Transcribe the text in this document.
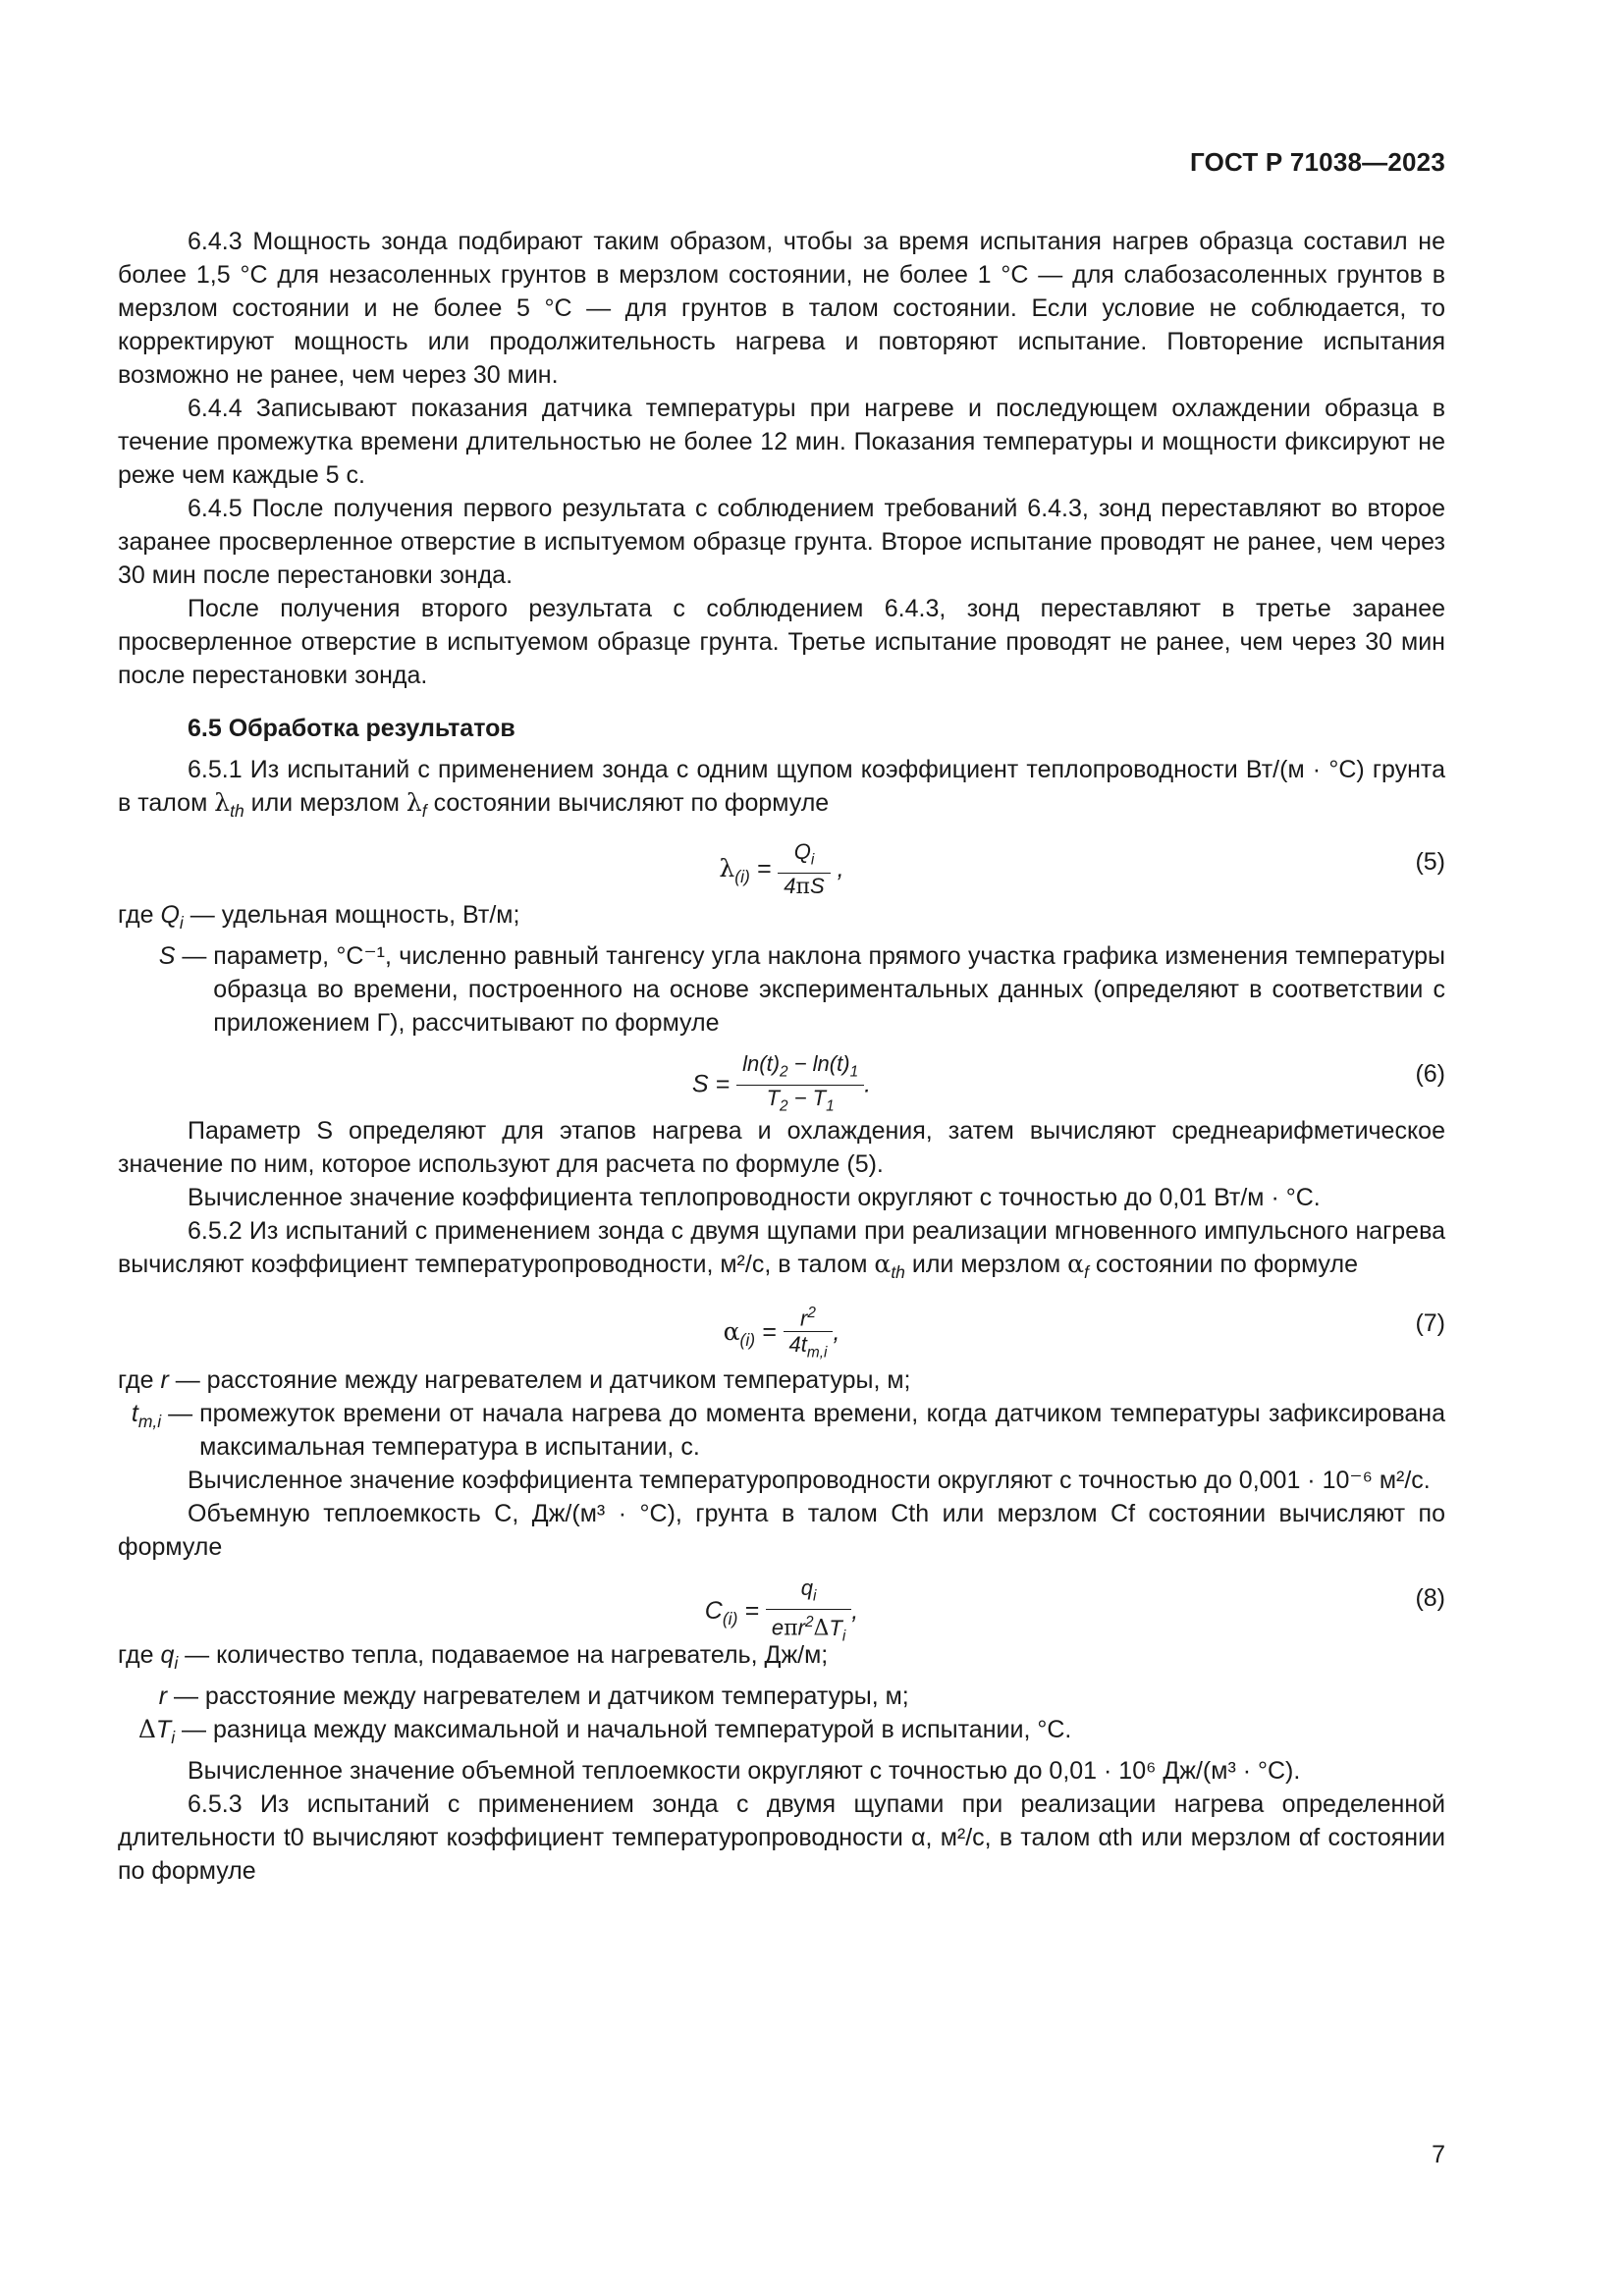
ГОСТ Р 71038—2023

6.4.3 Мощность зонда подбирают таким образом, чтобы за время испытания нагрев образца составил не более 1,5 °С для незасоленных грунтов в мерзлом состоянии, не более 1 °С — для слабозасоленных грунтов в мерзлом состоянии и не более 5 °С — для грунтов в талом состоянии. Если условие не соблюдается, то корректируют мощность или продолжительность нагрева и повторяют испытание. Повторение испытания возможно не ранее, чем через 30 мин.

6.4.4 Записывают показания датчика температуры при нагреве и последующем охлаждении образца в течение промежутка времени длительностью не более 12 мин. Показания температуры и мощности фиксируют не реже чем каждые 5 с.

6.4.5 После получения первого результата с соблюдением требований 6.4.3, зонд переставляют во второе заранее просверленное отверстие в испытуемом образце грунта. Второе испытание проводят не ранее, чем через 30 мин после перестановки зонда.

После получения второго результата с соблюдением 6.4.3, зонд переставляют в третье заранее просверленное отверстие в испытуемом образце грунта. Третье испытание проводят не ранее, чем через 30 мин после перестановки зонда.

6.5 Обработка результатов

6.5.1 Из испытаний с применением зонда с одним щупом коэффициент теплопроводности Вт/(м · °С) грунта в талом $\lambda_{th}$ или мерзлом $\lambda_f$ состоянии вычисляют по формуле

$\lambda_{(i)} = \frac{Q_i}{4\pi S}$ ,	(5)
где $Q_i$ — удельная мощность, Вт/м;
S — параметр, °С⁻¹, численно равный тангенсу угла наклона прямого участка графика изменения температуры образца во времени, построенного на основе экспериментальных данных (определяют в соответствии с приложением Г), рассчитывают по формуле
$S = \frac{\ln(t)_2 - \ln(t)_1}{T_2 - T_1}$ .	(6)

Параметр S определяют для этапов нагрева и охлаждения, затем вычисляют среднеарифметическое значение по ним, которое используют для расчета по формуле (5).

Вычисленное значение коэффициента теплопроводности округляют с точностью до 0,01 Вт/м · °С.

6.5.2 Из испытаний с применением зонда с двумя щупами при реализации мгновенного импульсного нагрева вычисляют коэффициент температуропроводности, м²/с, в талом $\alpha_{th}$ или мерзлом $\alpha_f$ состоянии по формуле

$\alpha_{(i)} = \frac{r^2}{4t_{m,i}}$ ,	(7)
где r — расстояние между нагревателем и датчиком температуры, м;
$t_{m,i}$ — промежуток времени от начала нагрева до момента времени, когда датчиком температуры зафиксирована максимальная температура в испытании, с.

Вычисленное значение коэффициента температуропроводности округляют с точностью до 0,001 · 10⁻⁶ м²/с.

Объемную теплоемкость C, Дж/(м³ · °С), грунта в талом Cth или мерзлом Cf состоянии вычисляют по формуле

$C_{(i)} = \frac{q_i}{e\pi r^2\Delta T_i}$ ,	(8)
где $q_i$ — количество тепла, подаваемое на нагреватель, Дж/м;
r — расстояние между нагревателем и датчиком температуры, м;
$\Delta T_i$ — разница между максимальной и начальной температурой в испытании, °С.

Вычисленное значение объемной теплоемкости округляют с точностью до 0,01 · 10⁶ Дж/(м³ · °С).

6.5.3 Из испытаний с применением зонда с двумя щупами при реализации нагрева определенной длительности t0 вычисляют коэффициент температуропроводности α, м²/с, в талом αth или мерзлом αf состоянии по формуле

7
